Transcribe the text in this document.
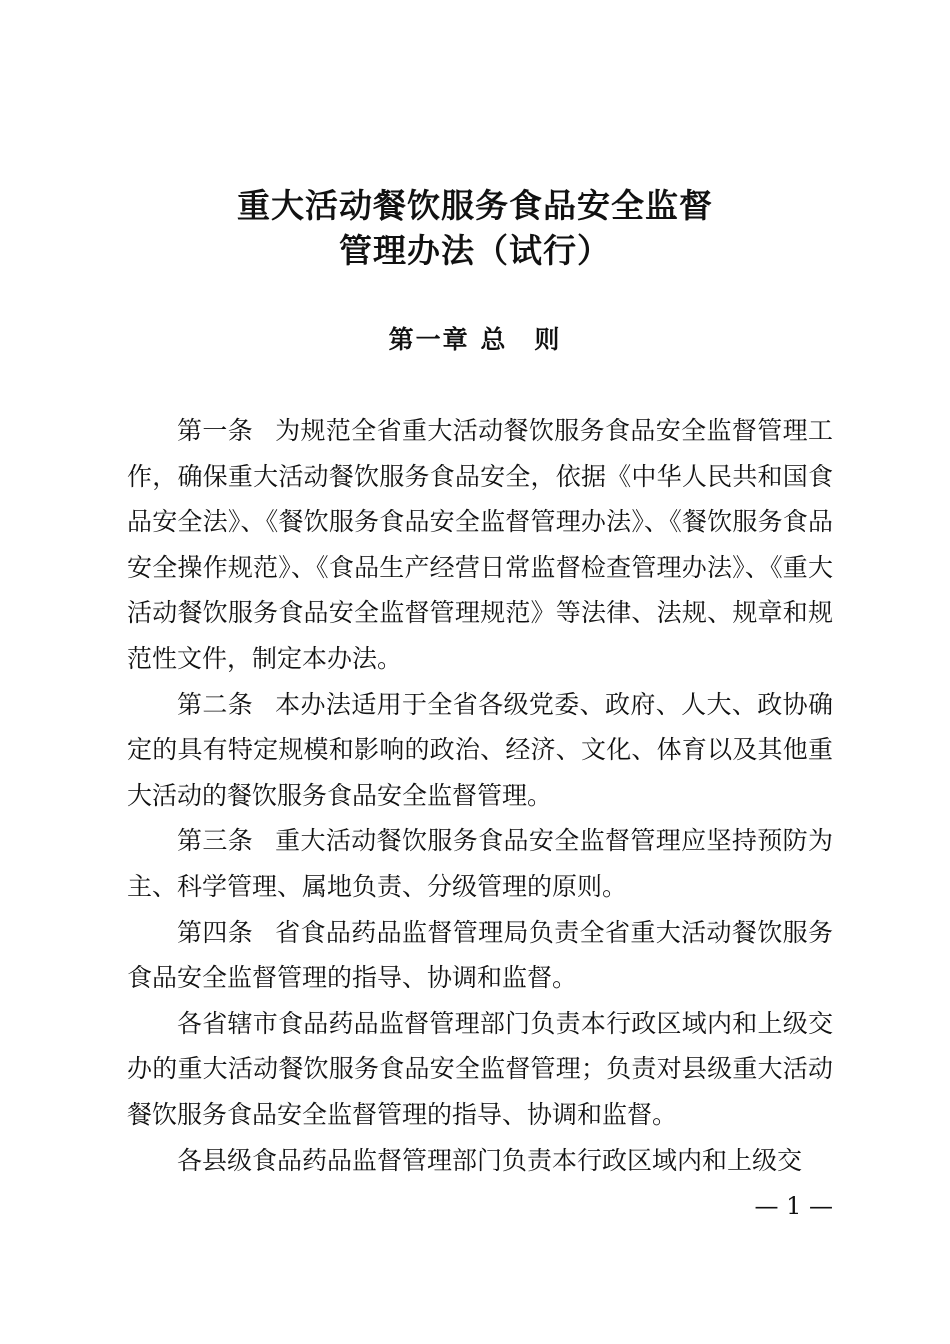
重大活动餐饮服务食品安全监督
管理办法（试行）
第一章 总　则

第一条 为规范全省重大活动餐饮服务食品安全监督管理工作，确保重大活动餐饮服务食品安全，依据《中华人民共和国食品安全法》、《餐饮服务食品安全监督管理办法》、《餐饮服务食品安全操作规范》、《食品生产经营日常监督检查管理办法》、《重大活动餐饮服务食品安全监督管理规范》等法律、法规、规章和规范性文件，制定本办法。

第二条 本办法适用于全省各级党委、政府、人大、政协确定的具有特定规模和影响的政治、经济、文化、体育以及其他重大活动的餐饮服务食品安全监督管理。

第三条 重大活动餐饮服务食品安全监督管理应坚持预防为主、科学管理、属地负责、分级管理的原则。

第四条 省食品药品监督管理局负责全省重大活动餐饮服务食品安全监督管理的指导、协调和监督。

各省辖市食品药品监督管理部门负责本行政区域内和上级交办的重大活动餐饮服务食品安全监督管理；负责对县级重大活动餐饮服务食品安全监督管理的指导、协调和监督。

各县级食品药品监督管理部门负责本行政区域内和上级交

— 1 —
